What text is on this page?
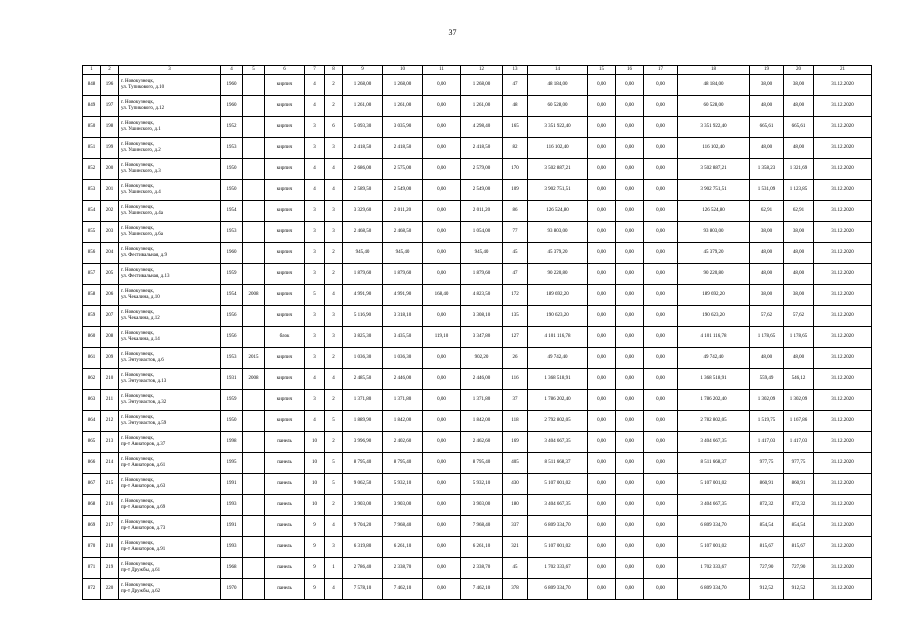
37
1	2	3	4	5	6	7	8	9	10	11	12	13	14	15	16	17	18	19	20	21
848	196	г. Новокузнецк,
ул. Тупикового, д.10	1960		кирпич	4	2	1 268,00	1 268,00	0,00	1 268,00	47	48 184,00	0,00	0,00	0,00	48 184,00	38,00	38,00	31.12.2020
849	197	г. Новокузнецк,
ул. Тупикового, д.12	1960		кирпич	4	2	1 261,00	1 261,00	0,00	1 261,00	48	60 528,00	0,00	0,00	0,00	60 528,00	48,00	48,00	31.12.2020
850	198	г. Новокузнецк,
ул. Ушинского, д.1	1952		кирпич	3	6	5 093,30	3 035,90	0,00	4 298,40	165	3 351 922,40	0,00	0,00	0,00	3 351 922,40	665,61	665,61	31.12.2020
851	199	г. Новокузнецк,
ул. Ушинского, д.2	1953		кирпич	3	3	2 418,50	2 418,50	0,00	2 418,50	82	116 102,40	0,00	0,00	0,00	116 102,40	48,00	48,00	31.12.2020
852	200	г. Новокузнецк,
ул. Ушинского, д.3	1950		кирпич	4	4	2 686,00	2 575,00	0,00	2 579,00	170	3 502 887,21	0,00	0,00	0,00	3 502 887,21	1 358,23	1 321,69	31.12.2020
853	201	г. Новокузнецк,
ул. Ушинского, д.4	1950		кирпич	4	4	2 589,50	2 549,00	0,00	2 549,00	109	3 902 751,51	0,00	0,00	0,00	3 902 751,51	1 531,09	1 123,85	31.12.2020
854	202	г. Новокузнецк,
ул. Ушинского, д.4а	1954		кирпич	3	3	3 329,60	2 011,20	0,00	2 011,20	86	126 524,80	0,00	0,00	0,00	126 524,80	62,91	62,91	31.12.2020
855	203	г. Новокузнецк,
ул. Ушинского, д.6а	1953		кирпич	3	3	2 468,50	2 468,50	0,00	1 054,00	77	93 803,00	0,00	0,00	0,00	93 803,00	38,00	38,00	31.12.2020
856	204	г. Новокузнецк,
ул. Фестивальная, д.9	1960		кирпич	3	2	945,40	945,40	0,00	945,40	45	45 379,20	0,00	0,00	0,00	45 379,20	48,00	48,00	31.12.2020
857	205	г. Новокузнецк,
ул. Фестивальная, д.13	1959		кирпич	3	2	1 879,60	1 879,60	0,00	1 879,60	47	90 220,80	0,00	0,00	0,00	90 220,80	48,00	48,00	31.12.2020
858	206	г. Новокузнецк,
ул. Чекалина, д.10	1954	2008	кирпич	5	4	4 991,90	4 991,90	168,40	4 823,50	172	189 692,20	0,00	0,00	0,00	189 692,20	38,00	38,00	31.12.2020
859	207	г. Новокузнецк,
ул. Чекалина, д.12	1956		кирпич	3	3	5 116,90	3 318,10	0,00	3 308,10	135	190 623,20	0,00	0,00	0,00	190 623,20	57,62	57,62	31.12.2020
860	208	г. Новокузнецк,
ул. Чекалина, д.14	1956		блок	3	3	3 825,30	3 435,50	119,10	3 347,80	127	4 101 116,78	0,00	0,00	0,00	4 101 116,78	1 178,65	1 178,65	31.12.2020
861	209	г. Новокузнецк,
ул. Энтузиастов, д.6	1953	2015	кирпич	3	2	1 036,30	1 036,30	0,00	902,20	26	49 742,40	0,00	0,00	0,00	49 742,40	48,00	48,00	31.12.2020
862	210	г. Новокузнецк,
ул. Энтузиастов, д.13	1931	2008	кирпич	4	4	2 485,50	2 446,00	0,00	2 446,00	116	1 368 518,91	0,00	0,00	0,00	1 368 518,91	559,49	546,12	31.12.2020
863	211	г. Новокузнецк,
ул. Энтузиастов, д.32	1959		кирпич	3	2	1 371,80	1 371,80	0,00	1 371,80	37	1 786 202,40	0,00	0,00	0,00	1 786 202,40	1 302,09	1 302,09	31.12.2020
864	212	г. Новокузнецк,
ул. Энтузиастов, д.59	1950		кирпич	4	5	1 889,90	1 842,00	0,00	1 842,00	118	2 792 802,05	0,00	0,00	0,00	2 782 802,05	1 519,75	1 167,86	31.12.2020
865	213	г. Новокузнецк,
пр-т Авиаторов, д.37	1998		панель	10	2	3 996,90	2 402,60	0,00	2 462,60	169	3 404 667,35	0,00	0,00	0,00	3 404 667,35	1 417,03	1 417,03	31.12.2020
866	214	г. Новокузнецк,
пр-т Авиаторов, д.61	1995		панель	10	5	8 795,40	8 795,40	0,00	8 795,40	405	8 511 668,37	0,00	0,00	0,00	8 511 668,37	977,75	977,75	31.12.2020
867	215	г. Новокузнецк,
пр-т Авиаторов, д.63	1991		панель	10	5	9 062,50	5 932,10	0,00	5 932,10	430	5 107 001,02	0,00	0,00	0,00	5 107 001,02	860,91	860,91	31.12.2020
868	216	г. Новокузнецк,
пр-т Авиаторов, д.69	1993		панель	10	2	3 903,00	3 903,00	0,00	3 903,00	180	3 404 667,35	0,00	0,00	0,00	3 404 667,35	872,32	872,32	31.12.2020
869	217	г. Новокузнецк,
пр-т Авиаторов, д.73	1991		панель	9	4	9 704,20	7 968,40	0,00	7 968,40	337	6 809 334,70	0,00	0,00	0,00	6 809 334,70	854,54	854,54	31.12.2020
870	218	г. Новокузнецк,
пр-т Авиаторов, д.91	1993		панель	9	3	6 319,80	6 261,10	0,00	6 261,10	321	5 107 001,02	0,00	0,00	0,00	5 107 001,02	815,67	815,67	31.12.2020
871	219	г. Новокузнецк,
пр-т Дружбы, д.61	1968		панель	9	1	2 786,40	2 338,70	0,00	2 338,70	45	1 702 333,67	0,00	0,00	0,00	1 702 333,67	727,90	727,90	31.12.2020
872	220	г. Новокузнецк,
пр-т Дружбы, д.62	1970		панель	9	4	7 578,10	7 462,10	0,00	7 462,10	378	6 809 334,70	0,00	0,00	0,00	6 809 334,70	912,52	912,52	31.12.2020
